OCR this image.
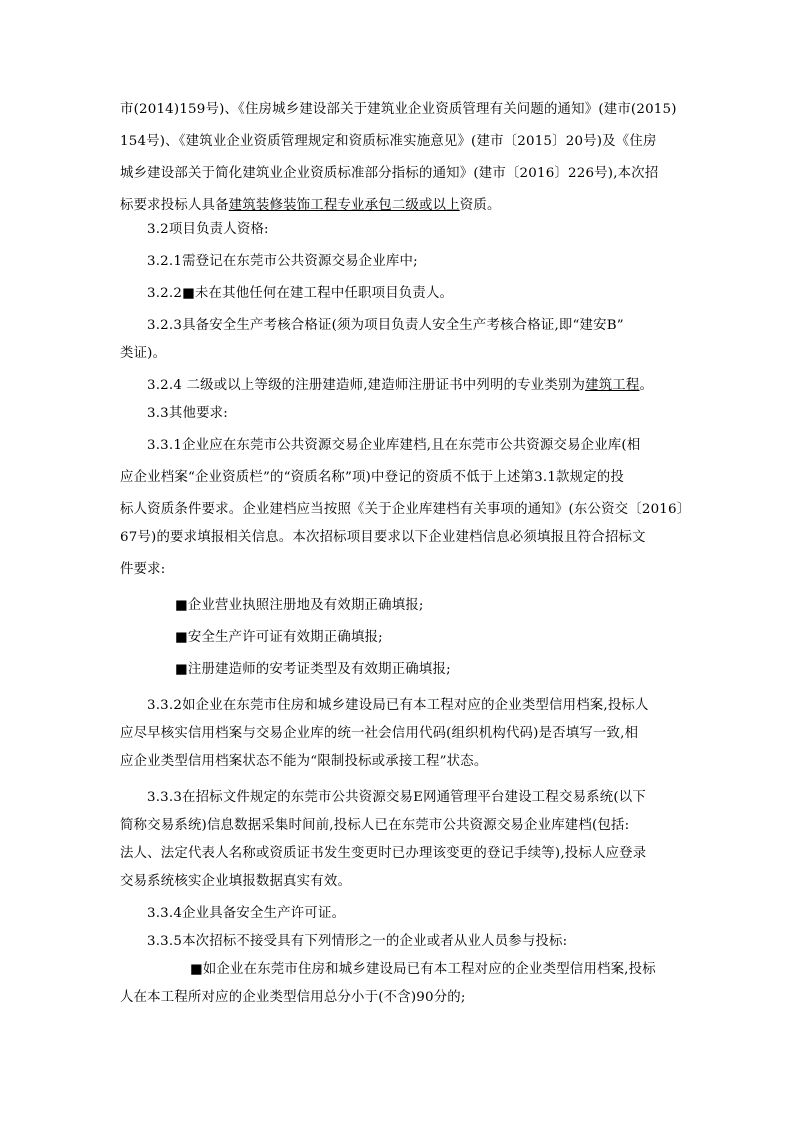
市(2014)159号)、《住房城乡建设部关于建筑业企业资质管理有关问题的通知》(建市(2015)
154号)、《建筑业企业资质管理规定和资质标准实施意见》(建市〔2015〕20号)及《住房
城乡建设部关于简化建筑业企业资质标准部分指标的通知》(建市〔2016〕226号),本次招
标要求投标人具备建筑装修装饰工程专业承包二级或以上资质。
3.2项目负责人资格:
3.2.1需登记在东莞市公共资源交易企业库中;
3.2.2■未在其他任何在建工程中任职项目负责人。
3.2.3具备安全生产考核合格证(须为项目负责人安全生产考核合格证,即“建安B”
类证)。
3.2.4 二级或以上等级的注册建造师,建造师注册证书中列明的专业类别为建筑工程。
3.3其他要求:
3.3.1企业应在东莞市公共资源交易企业库建档,且在东莞市公共资源交易企业库(相
应企业档案“企业资质栏”的“资质名称”项)中登记的资质不低于上述第3.1款规定的投
标人资质条件要求。企业建档应当按照《关于企业库建档有关事项的通知》(东公资交〔2016〕
67号)的要求填报相关信息。本次招标项目要求以下企业建档信息必须填报且符合招标文
件要求:
■企业营业执照注册地及有效期正确填报;
■安全生产许可证有效期正确填报;
■注册建造师的安考证类型及有效期正确填报;
3.3.2如企业在东莞市住房和城乡建设局已有本工程对应的企业类型信用档案,投标人
应尽早核实信用档案与交易企业库的统一社会信用代码(组织机构代码)是否填写一致,相
应企业类型信用档案状态不能为“限制投标或承接工程”状态。
3.3.3在招标文件规定的东莞市公共资源交易E网通管理平台建设工程交易系统(以下
简称交易系统)信息数据采集时间前,投标人已在东莞市公共资源交易企业库建档(包括:
法人、法定代表人名称或资质证书发生变更时已办理该变更的登记手续等),投标人应登录
交易系统核实企业填报数据真实有效。
3.3.4企业具备安全生产许可证。
3.3.5本次招标不接受具有下列情形之一的企业或者从业人员参与投标:
■如企业在东莞市住房和城乡建设局已有本工程对应的企业类型信用档案,投标
人在本工程所对应的企业类型信用总分小于(不含)90分的;
